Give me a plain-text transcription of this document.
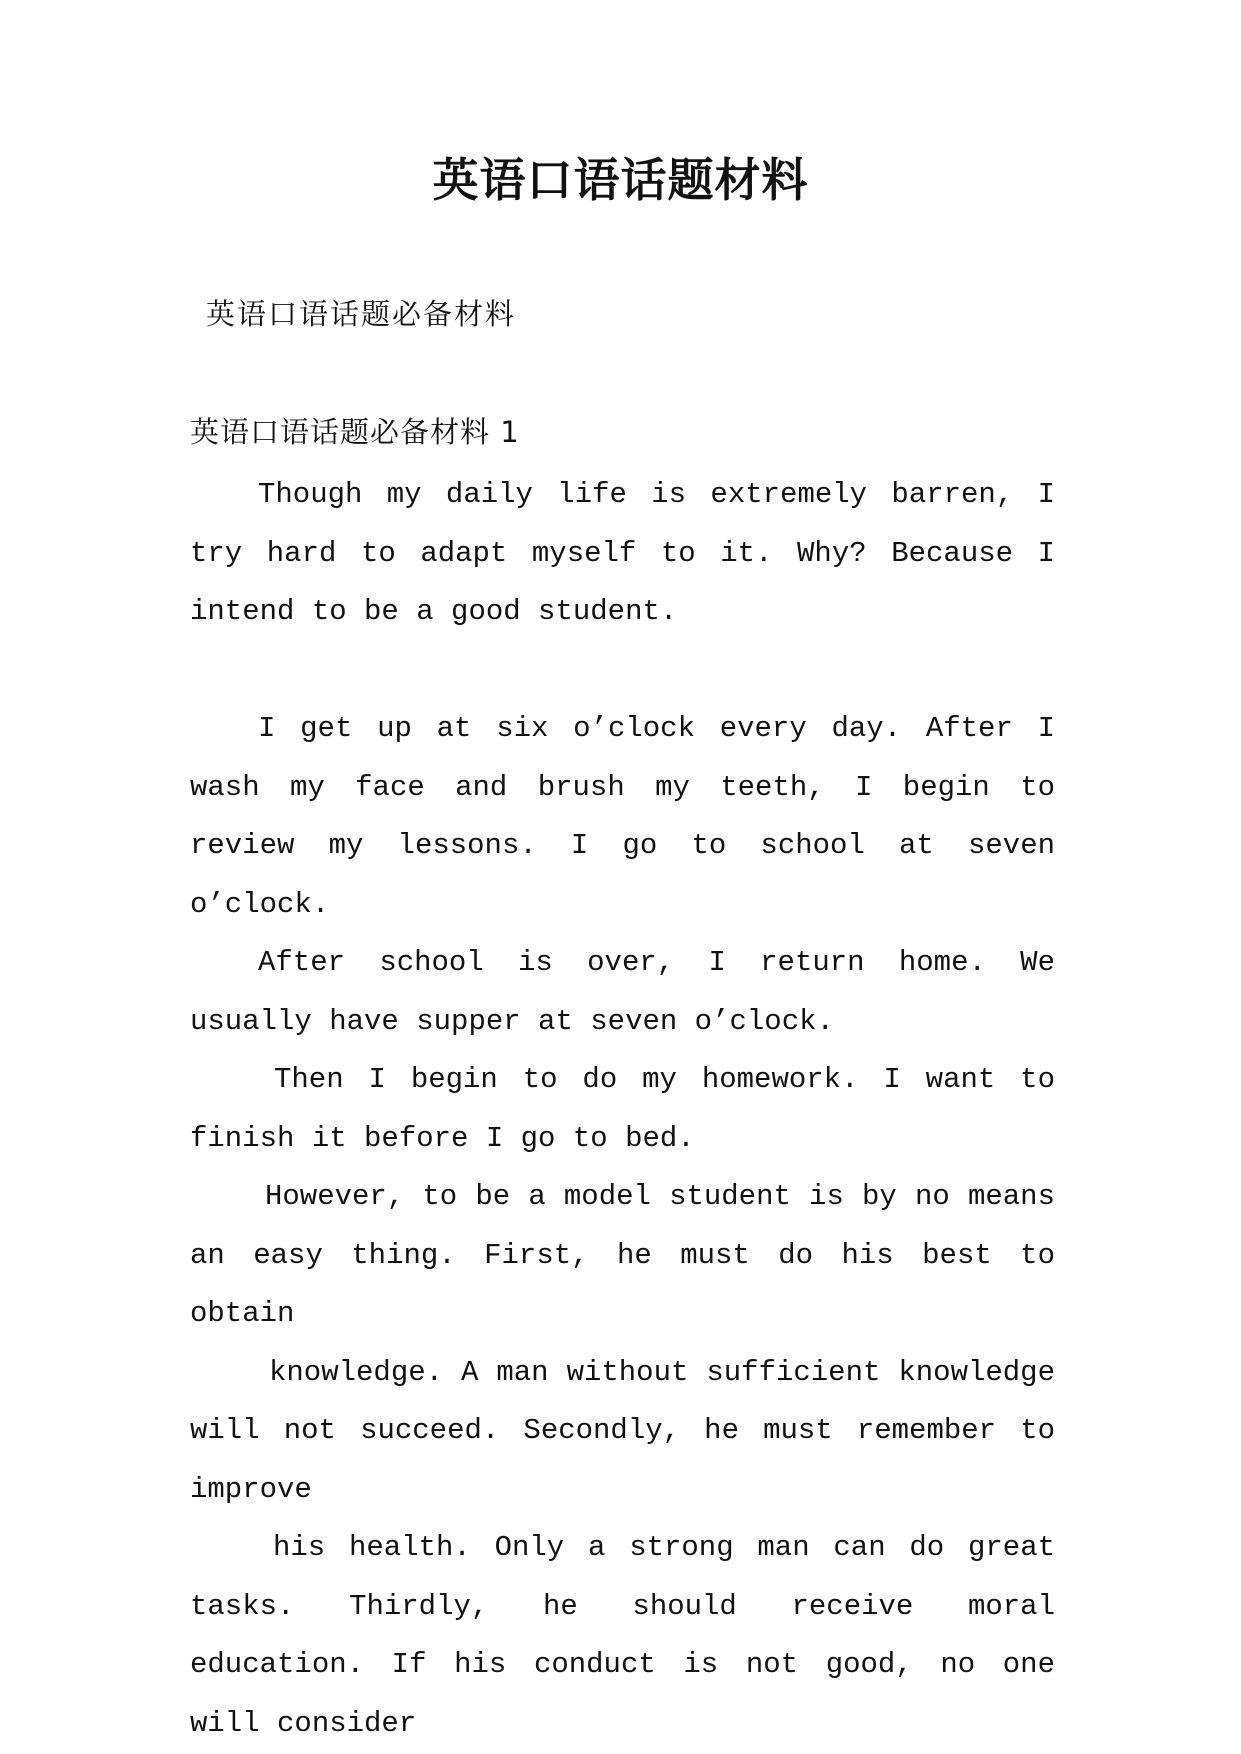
英语口语话题材料
英语口语话题必备材料
英语口语话题必备材料 1

Though my daily life is extremely barren, I try hard to adapt myself to it. Why? Because I intend to be a good student.

I get up at six o’clock every day. After I wash my face and brush my teeth, I begin to review my lessons. I go to school at seven o’clock.

After school is over, I return home. We usually have supper at seven o’clock.

Then I begin to do my homework. I want to finish it before I go to bed.

However, to be a model student is by no means an easy thing. First, he must do his best to obtain

knowledge. A man without sufficient knowledge will not succeed. Secondly, he must remember to improve

his health. Only a strong man can do great tasks. Thirdly, he should receive moral education. If his conduct is not good, no one will consider
